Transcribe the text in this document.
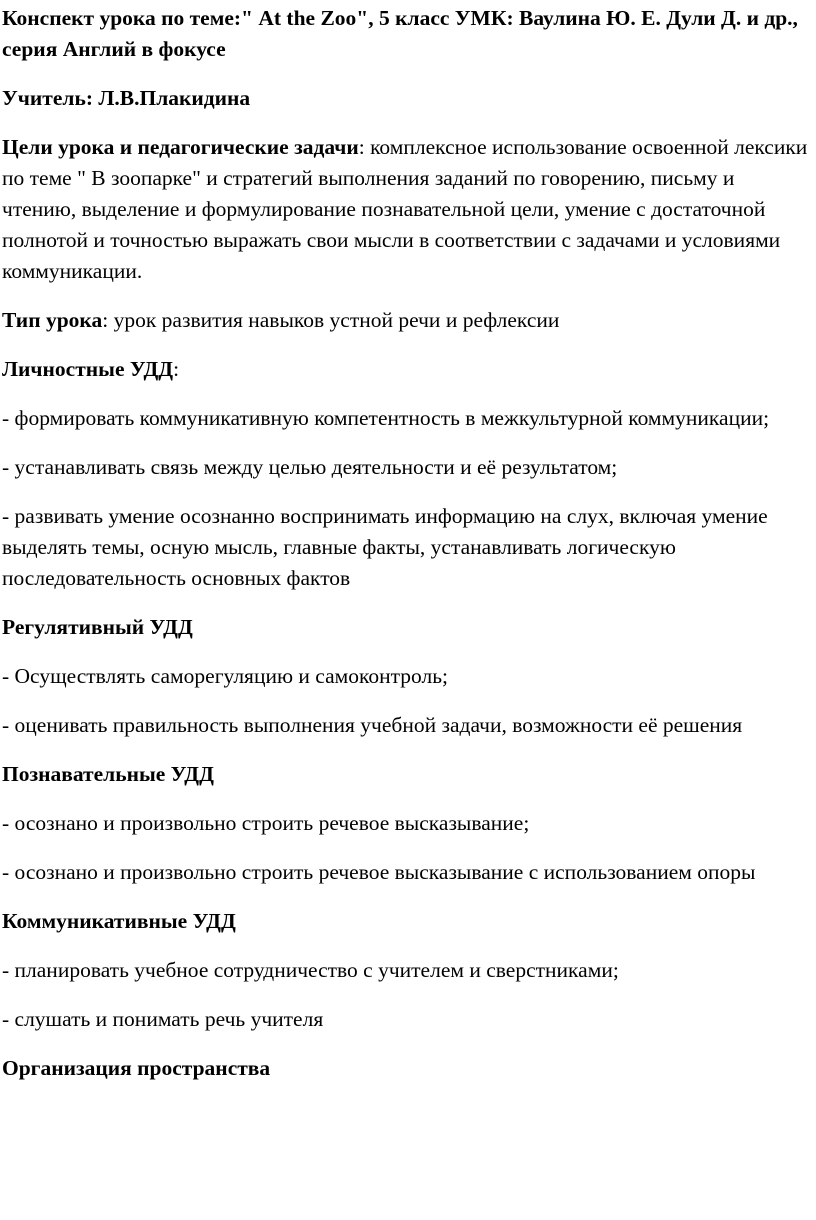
Конспект урока по теме:" At the Zoo", 5 класс УМК: Ваулина Ю. Е. Дули Д. и др., серия Англий в фокусе

Учитель: Л.В.Плакидина

Цели урока и педагогические задачи: комплексное использование освоенной лексики по теме " В зоопарке" и стратегий выполнения заданий по говорению, письму и чтению, выделение и формулирование познавательной цели, умение с достаточной полнотой и точностью выражать свои мысли в соответствии с задачами и условиями коммуникации.

Тип урока: урок развития навыков устной речи и рефлексии

Личностные УДД:

- формировать коммуникативную компетентность в межкультурной коммуникации;

- устанавливать связь между целью деятельности и её результатом;

- развивать умение осознанно воспринимать информацию на слух, включая умение выделять темы, осную мысль, главные факты, устанавливать логическую последовательность основных фактов

Регулятивный УДД

- Осуществлять саморегуляцию и самоконтроль;

- оценивать правильность выполнения учебной задачи, возможности её решения

Познавательные УДД

- осознано и произвольно строить речевое высказывание;

- осознано и произвольно строить речевое высказывание с использованием опоры

Коммуникативные УДД

- планировать учебное сотрудничество с учителем и сверстниками;

- слушать и понимать речь учителя

Организация пространства
